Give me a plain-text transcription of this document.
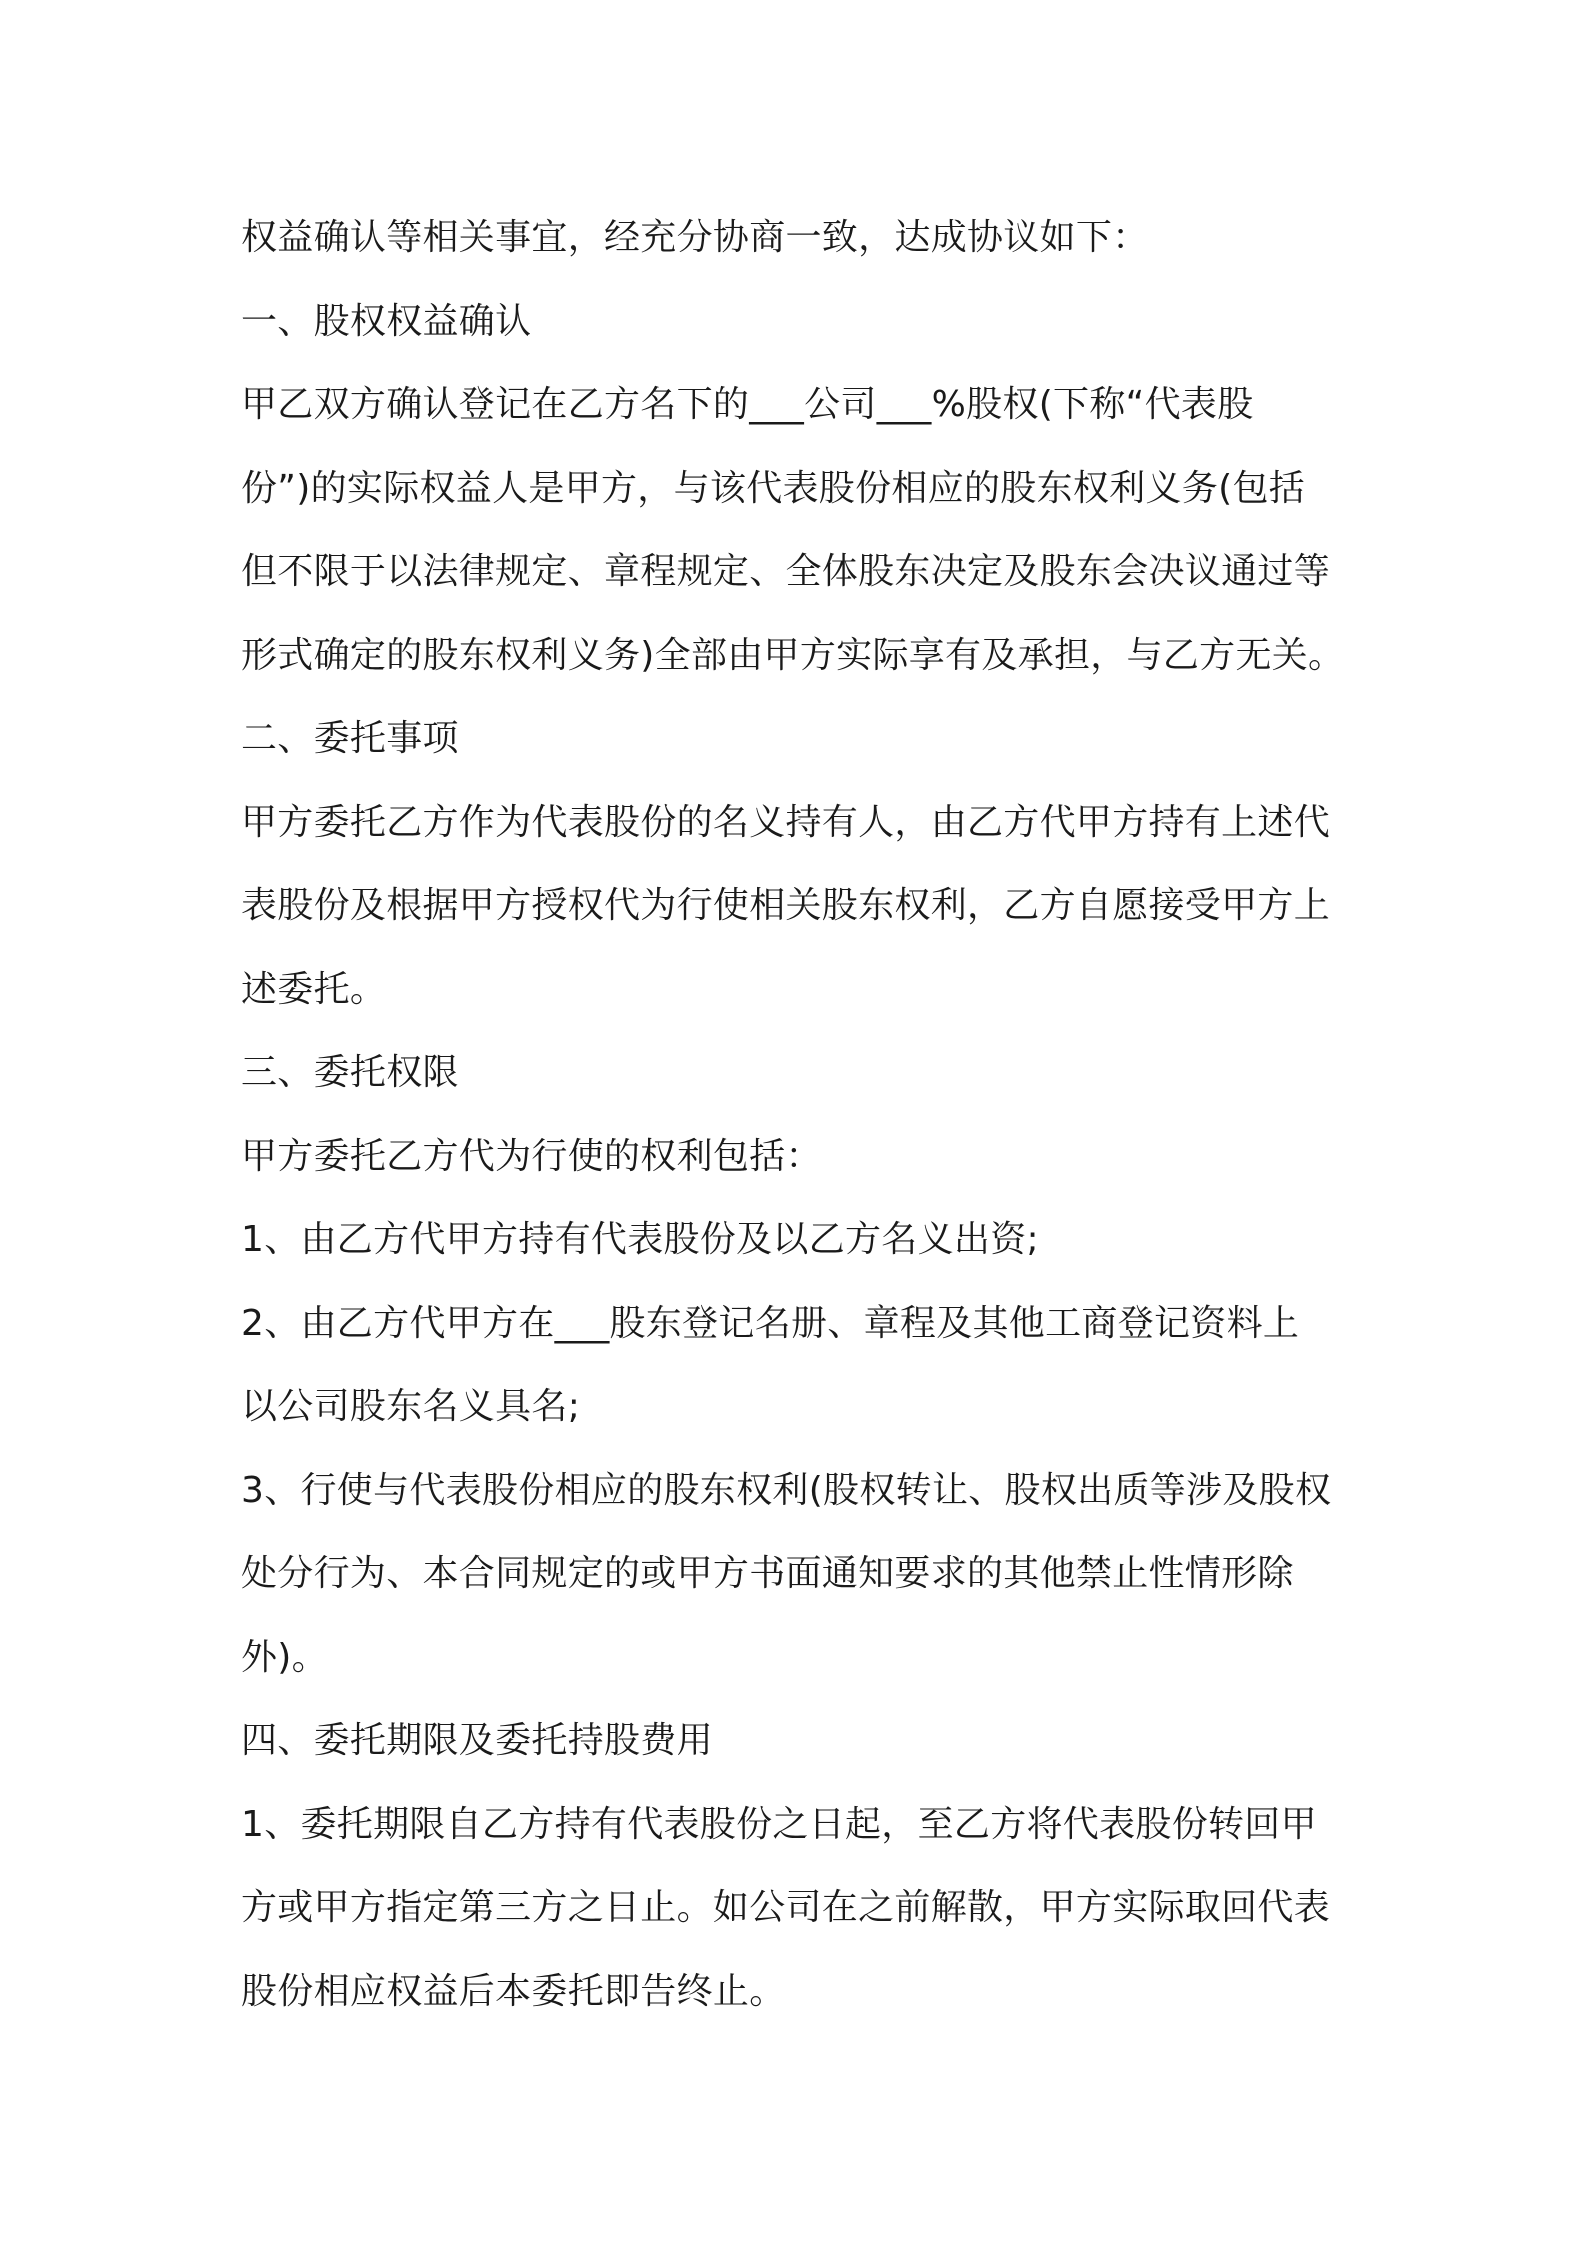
权益确认等相关事宜，经充分协商一致，达成协议如下：
一、股权权益确认
甲乙双方确认登记在乙方名下的___公司___%股权(下称“代表股
份”)的实际权益人是甲方，与该代表股份相应的股东权利义务(包括
但不限于以法律规定、章程规定、全体股东决定及股东会决议通过等
形式确定的股东权利义务)全部由甲方实际享有及承担，与乙方无关。
二、委托事项
甲方委托乙方作为代表股份的名义持有人，由乙方代甲方持有上述代
表股份及根据甲方授权代为行使相关股东权利，乙方自愿接受甲方上
述委托。
三、委托权限
甲方委托乙方代为行使的权利包括：
1、由乙方代甲方持有代表股份及以乙方名义出资;
2、由乙方代甲方在___股东登记名册、章程及其他工商登记资料上
以公司股东名义具名;
3、行使与代表股份相应的股东权利(股权转让、股权出质等涉及股权
处分行为、本合同规定的或甲方书面通知要求的其他禁止性情形除
外)。
四、委托期限及委托持股费用
1、委托期限自乙方持有代表股份之日起，至乙方将代表股份转回甲
方或甲方指定第三方之日止。如公司在之前解散，甲方实际取回代表
股份相应权益后本委托即告终止。
